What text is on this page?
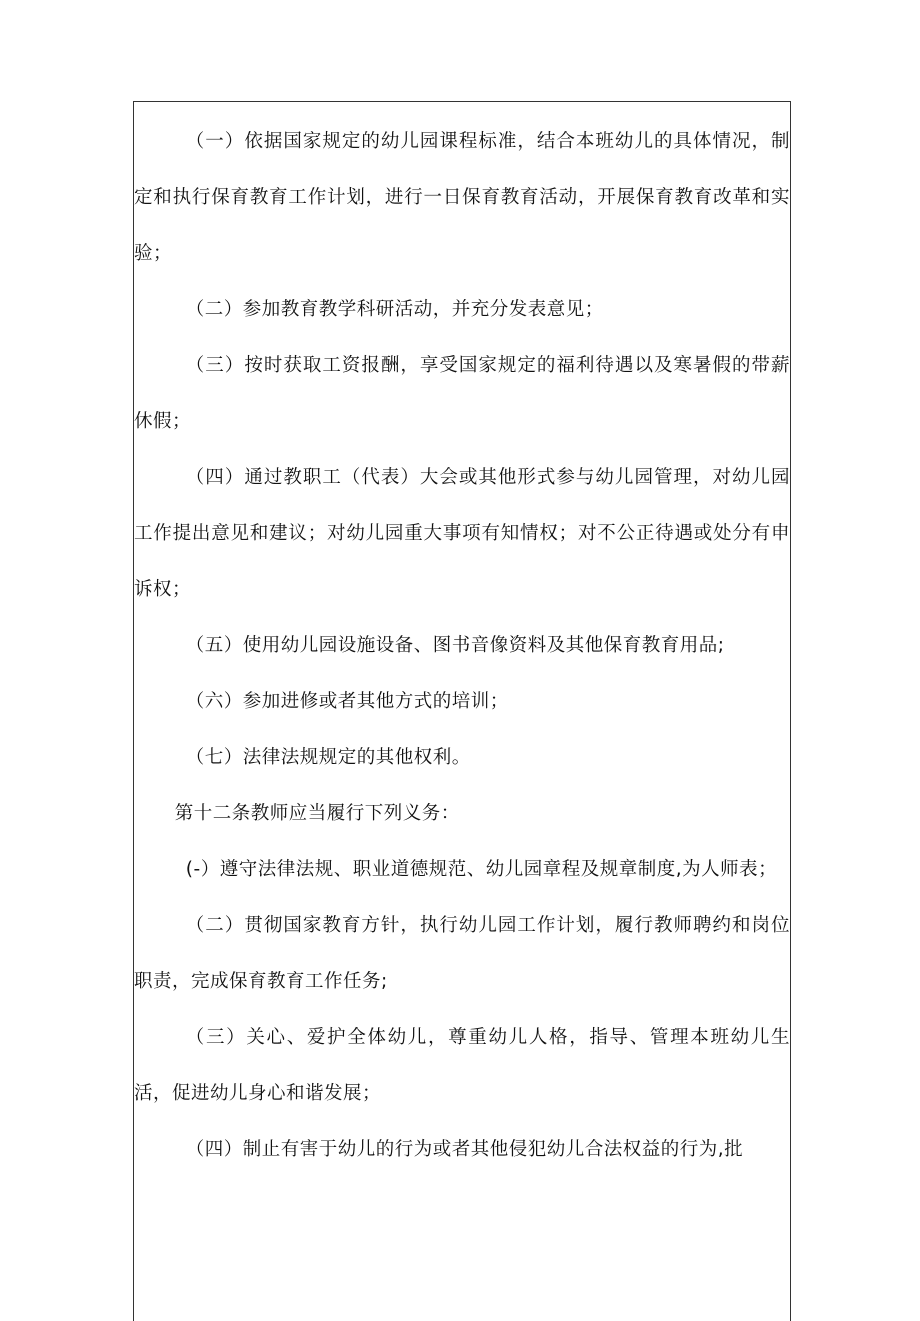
（一）依据国家规定的幼儿园课程标准，结合本班幼儿的具体情况，制定和执行保育教育工作计划，进行一日保育教育活动，开展保育教育改革和实验；

（二）参加教育教学科研活动，并充分发表意见；

（三）按时获取工资报酬，享受国家规定的福利待遇以及寒暑假的带薪休假；

（四）通过教职工（代表）大会或其他形式参与幼儿园管理，对幼儿园工作提出意见和建议；对幼儿园重大事项有知情权；对不公正待遇或处分有申诉权；

（五）使用幼儿园设施设备、图书音像资料及其他保育教育用品;

（六）参加进修或者其他方式的培训；

（七）法律法规规定的其他权利。

第十二条教师应当履行下列义务：

(-）遵守法律法规、职业道德规范、幼儿园章程及规章制度,为人师表；

（二）贯彻国家教育方针，执行幼儿园工作计划，履行教师聘约和岗位职责，完成保育教育工作任务;

（三）关心、爱护全体幼儿，尊重幼儿人格，指导、管理本班幼儿生活，促进幼儿身心和谐发展；

（四）制止有害于幼儿的行为或者其他侵犯幼儿合法权益的行为,批
